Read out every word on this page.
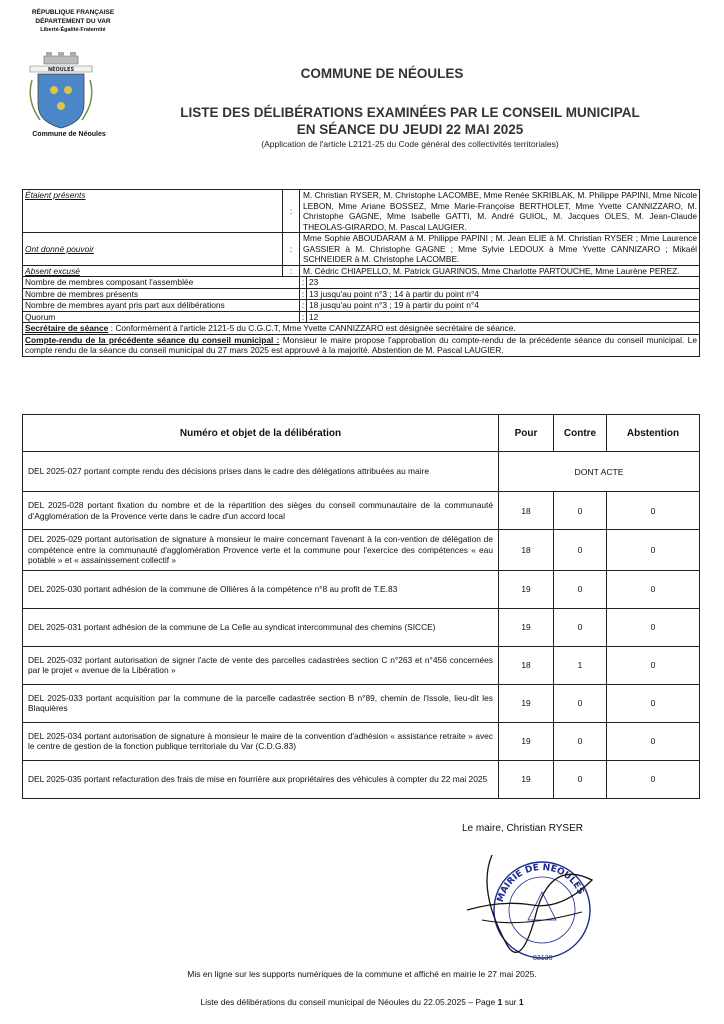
RÉPUBLIQUE FRANÇAISE
DÉPARTEMENT DU VAR
Liberté-Égalité-Fraternité
NÉOULES
Commune de Néoules
COMMUNE DE NÉOULES
LISTE DES DÉLIBÉRATIONS EXAMINÉES PAR LE CONSEIL MUNICIPAL
EN SÉANCE DU JEUDI 22 MAI 2025
(Application de l'article L2121-25 du Code général des collectivités territoriales)
Étaient présents	:	M. Christian RYSER, M. Christophe LACOMBE, Mme Renée SKRIBLAK, M. Philippe PAPINI, Mme Nicole LEBON, Mme Ariane BOSSEZ, Mme Marie-Françoise BERTHOLET, Mme Yvette CANNIZZARO, M. Christophe GAGNE, Mme Isabelle GATTI, M. André GUIOL, M. Jacques OLES, M. Jean-Claude THEOLAS-GIRARDO, M. Pascal LAUGIER.	
Ont donné pouvoir	:	Mme Sophie ABOUDARAM à M. Philippe PAPINI ; M. Jean ELIE à M. Christian RYSER ; Mme Laurence GASSIER à M. Christophe GAGNE ; Mme Sylvie LEDOUX à Mme Yvette CANNIZARO ; Mikaël SCHNEIDER à M. Christophe LACOMBE.	
Absent excusé	:	M. Cédric CHIAPELLO, M. Patrick GUARINOS, Mme Charlotte PARTOUCHE, Mme Laurène PEREZ.	
Nombre de membres composant l'assemblée		:	23
Nombre de membres présents		:	13 jusqu'au point n°3 ; 14 à partir du point n°4
Nombre de membres ayant pris part aux délibérations		:	18 jusqu'au point n°3 ; 19 à partir du point n°4
Quorum		:	12
Secrétaire de séance : Conformément à l'article 2121-5 du C.G.C.T, Mme Yvette CANNIZZARO est désignée secrétaire de séance.			
Compte-rendu de la précédente séance du conseil municipal : Monsieur le maire propose l'approbation du compte-rendu de la précédente séance du conseil municipal. Le compte rendu de la séance du conseil municipal du 27 mars 2025 est approuvé à la majorité. Abstention de M. Pascal LAUGIER.			
Numéro et objet de la délibération	Pour	Contre	Abstention
DEL 2025-027 portant compte rendu des décisions prises dans le cadre des délégations attribuées au maire	DONT ACTE		
DEL 2025-028 portant fixation du nombre et de la répartition des sièges du conseil communautaire de la communauté d'Agglomération de la Provence verte dans le cadre d'un accord local	18	0	0
DEL 2025-029 portant autorisation de signature à monsieur le maire concernant l'avenant à la con-vention de délégation de compétence entre la communauté d'agglomération Provence verte et la commune pour l'exercice des compétences « eau potable » et « assainissement collectif »	18	0	0
DEL 2025-030 portant adhésion de la commune de Ollières à la compétence n°8 au profit de T.E.83	19	0	0
DEL 2025-031 portant adhésion de la commune de La Celle au syndicat intercommunal des chemins (SICCE)	19	0	0
DEL 2025-032 portant autorisation de signer l'acte de vente des parcelles cadastrées section C n°263 et n°456 concernées par le projet « avenue de la Libération »	18	1	0
DEL 2025-033 portant acquisition par la commune de la parcelle cadastrée section B n°89, chemin de l'Issole, lieu-dit les Blaquières	19	0	0
DEL 2025-034 portant autorisation de signature à monsieur le maire de la convention d'adhésion « assistance retraite » avec le centre de gestion de la fonction publique territoriale du Var (C.D.G.83)	19	0	0
DEL 2025-035 portant refacturation des frais de mise en fourrière aux propriétaires des véhicules à compter du 22 mai 2025	19	0	0
Le maire, Christian RYSER
MAIRIE DE NÉOULES
83136
Mis en ligne sur les supports numériques de la commune et affiché en mairie le 27 mai 2025.
Liste des délibérations du conseil municipal de Néoules du 22.05.2025 – Page 1 sur 1
